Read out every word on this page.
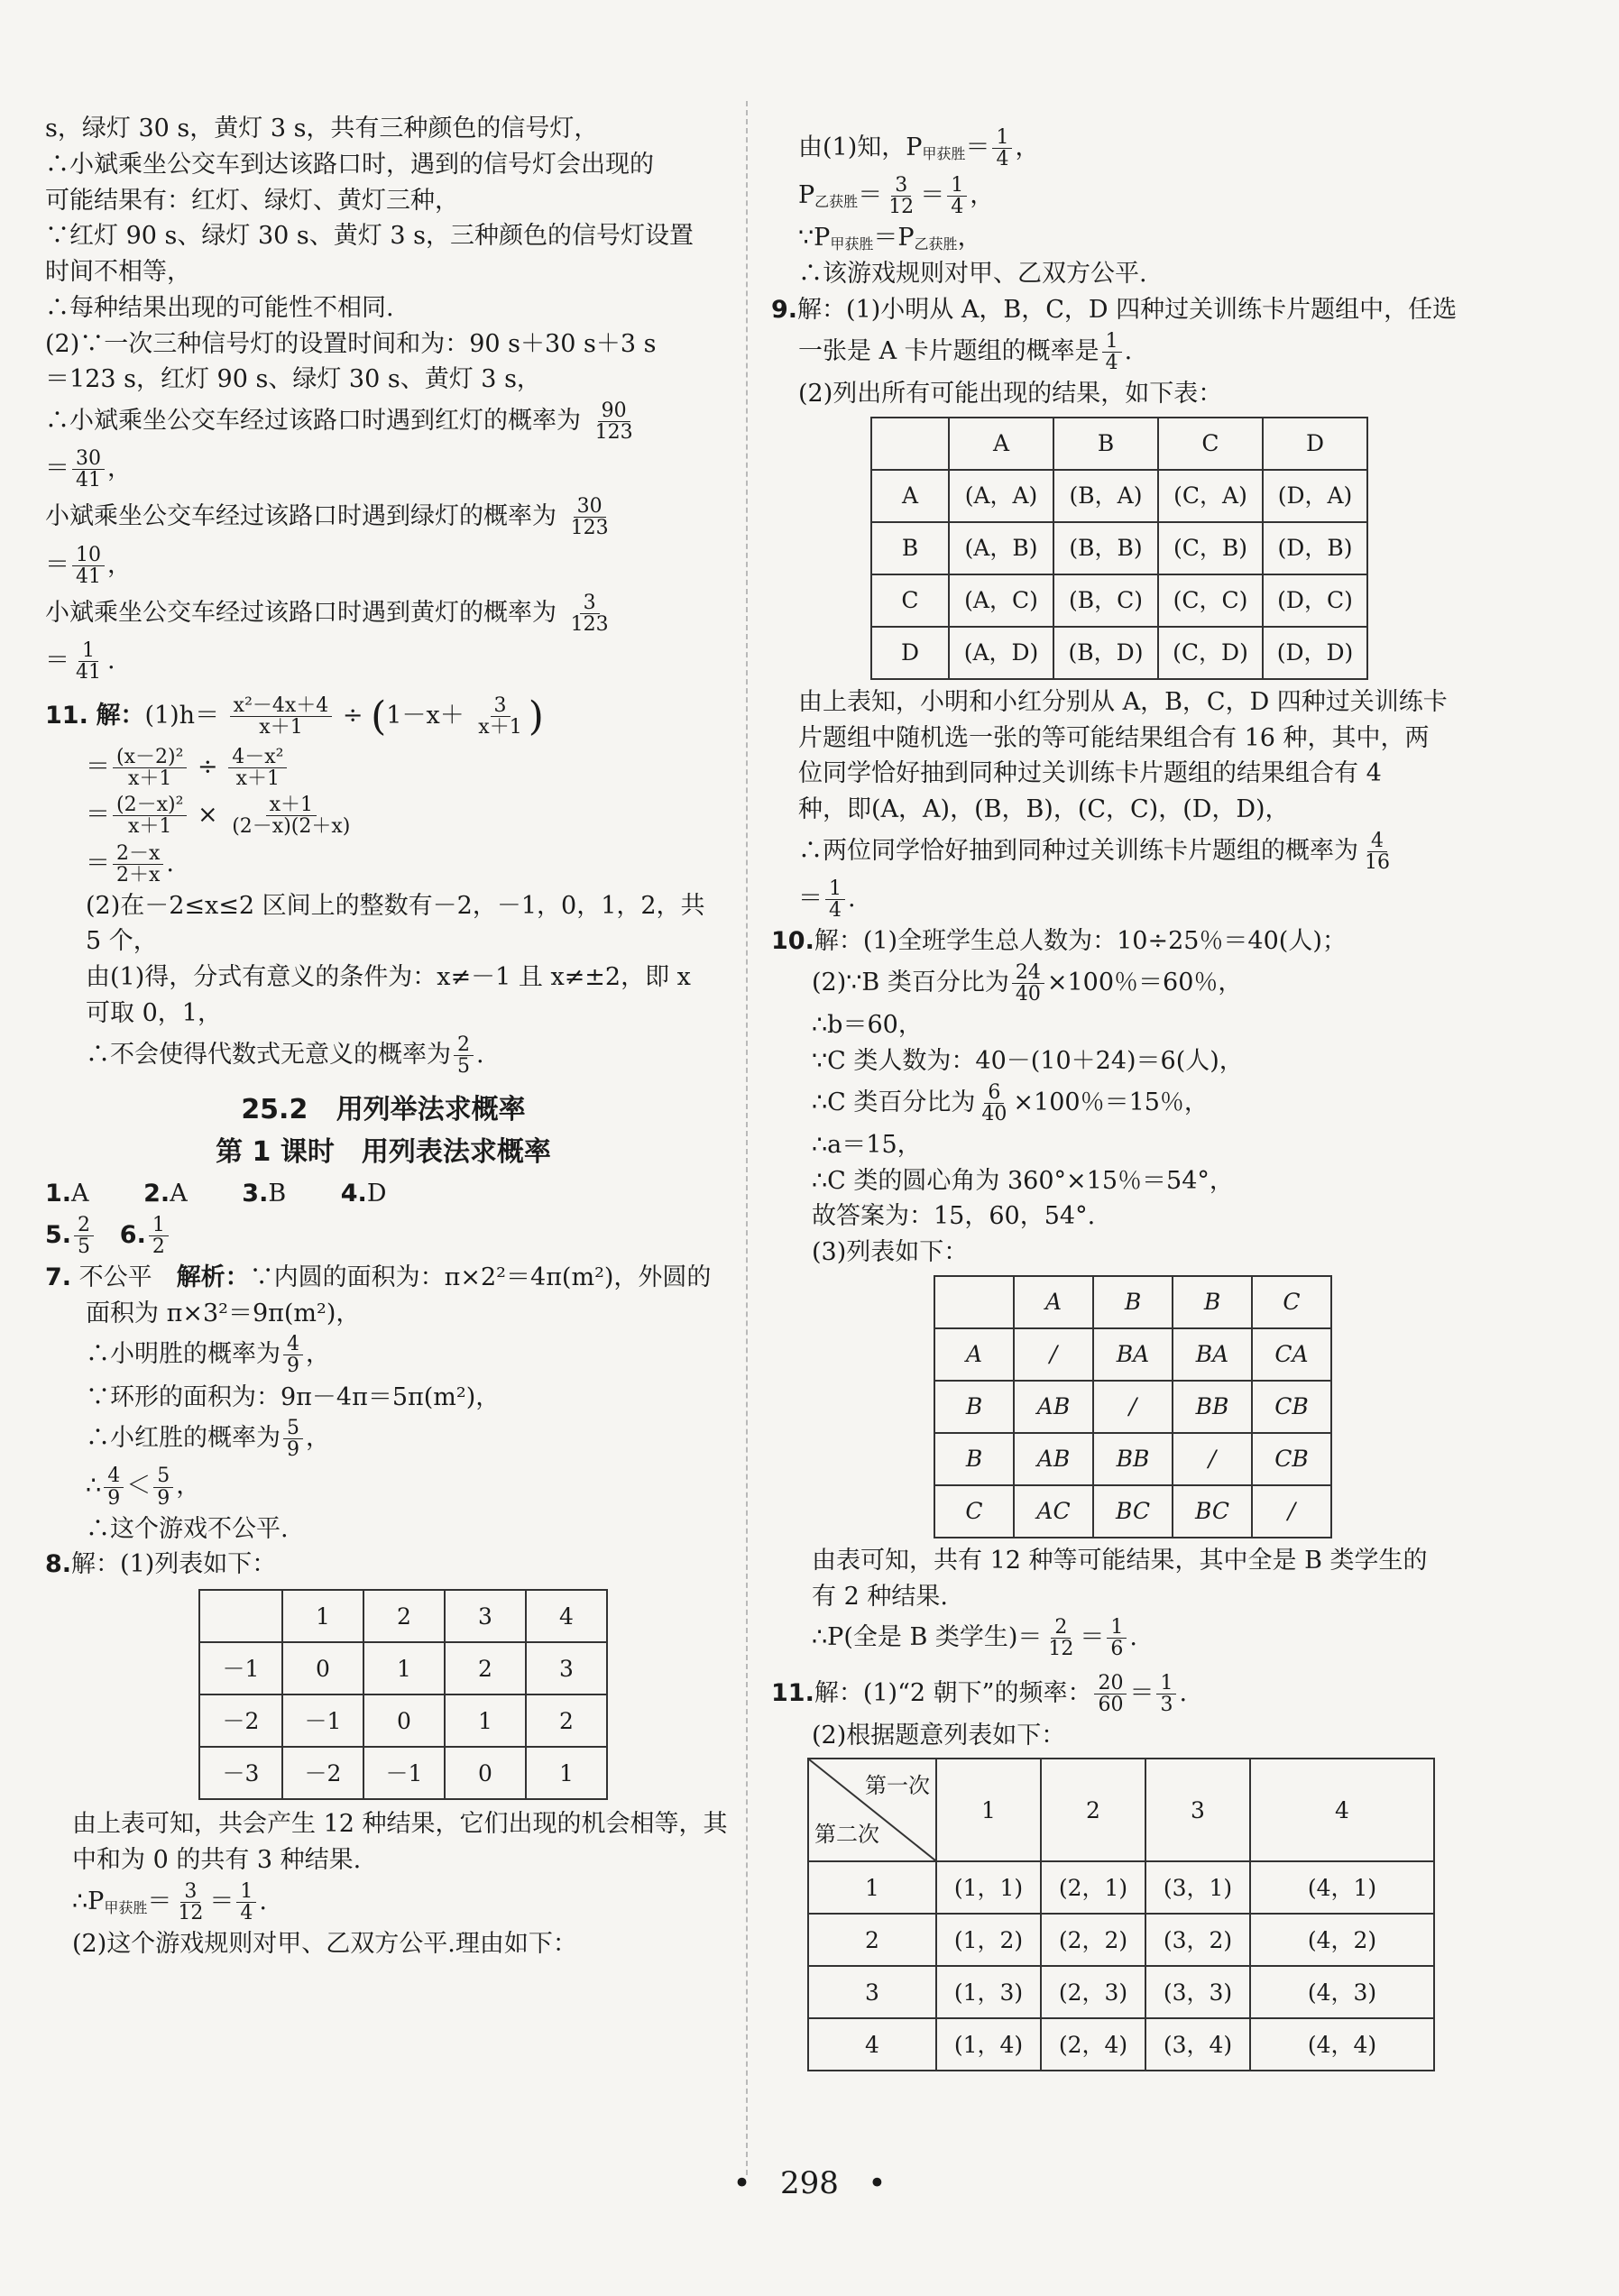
s，绿灯 30 s，黄灯 3 s，共有三种颜色的信号灯，
∴小斌乘坐公交车到达该路口时，遇到的信号灯会出现的
可能结果有：红灯、绿灯、黄灯三种，
∵红灯 90 s、绿灯 30 s、黄灯 3 s，三种颜色的信号灯设置
时间不相等，
∴每种结果出现的可能性不相同.
(2)∵一次三种信号灯的设置时间和为：90 s＋30 s＋3 s
＝123 s，红灯 90 s、绿灯 30 s、黄灯 3 s，
∴小斌乘坐公交车经过该路口时遇到红灯的概率为 $\frac{90}{123}$
＝ $\frac{30}{41}$ ，
小斌乘坐公交车经过该路口时遇到绿灯的概率为 $\frac{30}{123}$
＝ $\frac{10}{41}$ ，
小斌乘坐公交车经过该路口时遇到黄灯的概率为 $\frac{3}{123}$
＝ $\frac{1}{41}$ .
11. 解：$(1)h= \frac{\text{x²－4x＋4}}{x+1} \div (1-x+ \frac{3}{x+1}$ )
＝ $\frac{\text{(x－2)²}}{x+1} \div \frac{\text{4－x²}}{x+1}$
＝ $\frac{\text{(2－x)²}}{x+1} \times \frac{x+1}{(2-x)(2+x)}$
＝ $\frac{2-x}{2+x}$ .
(2)在－2≤x≤2 区间上的整数有－2，－1，0，1，2，共
5 个，
由(1)得，分式有意义的条件为：x≠－1 且 x≠±2，即 x
可取 0，1，
∴不会使得代数式无意义的概率为 $\frac{2}{5}$ .
25.2 用列举法求概率
第 1 课时　用列表法求概率
1.A 2.A 3.B 4.D
5. $\frac{2}{5} 6$. $\frac{1}{2}$
7. 不公平　解析：∵内圆的面积为：π×2²＝4π(m²)，外圆的
面积为 π×3²＝9π(m²)，
∴小明胜的概率为 $\frac{4}{9}$ ，
∵环形的面积为：9π－4π＝5π(m²)，
∴小红胜的概率为 $\frac{5}{9}$ ，
∴ $\frac{4}{9} < \frac{5}{9}$ ，
∴这个游戏不公平.
8.解：(1)列表如下：
	1	2	3	4
－1	0	1	2	3
－2	－1	0	1	2
－3	－2	－1	0	1
由上表可知，共会产生 12 种结果，它们出现的机会相等，其
中和为 0 的共有 3 种结果.
$\therefore P_{甲获胜}= \frac{3}{12} = \frac{1}{4}$ .
(2)这个游戏规则对甲、乙双方公平.理由如下：
由(1)知，$P_{甲获胜}= \frac{1}{4}$ ，
$P_{乙获胜}= \frac{3}{12} = \frac{1}{4}$ ，
$\because P_{甲获胜}=P_{乙获胜}$，
∴该游戏规则对甲、乙双方公平.
9.解：(1)小明从 A，B，C，D 四种过关训练卡片题组中，任选
一张是 A 卡片题组的概率是 $\frac{1}{4}$ .
(2)列出所有可能出现的结果，如下表：
	A	B	C	D
A	(A，A)	(B，A)	(C，A)	(D，A)
B	(A，B)	(B，B)	(C，B)	(D，B)
C	(A，C)	(B，C)	(C，C)	(D，C)
D	(A，D)	(B，D)	(C，D)	(D，D)
由上表知，小明和小红分别从 A，B，C，D 四种过关训练卡
片题组中随机选一张的等可能结果组合有 16 种，其中，两
位同学恰好抽到同种过关训练卡片题组的结果组合有 4
种，即(A，A)，(B，B)，(C，C)，(D，D)，
∴两位同学恰好抽到同种过关训练卡片题组的概率为 $\frac{4}{16}$
＝ $\frac{1}{4}$ .
10.解：(1)全班学生总人数为：10÷25％＝40(人)；
(2)∵B 类百分比为 $\frac{24}{40} \times 100$％＝60％，
∴b＝60，
∵C 类人数为：40－(10＋24)＝6(人)，
∴C 类百分比为 $\frac{6}{40} \times 100$％＝15％，
∴a＝15，
∴C 类的圆心角为 360°×15％＝54°，
故答案为：15，60，54°.
(3)列表如下：
	A	B	B	C
A	/	BA	BA	CA
B	AB	/	BB	CB
B	AB	BB	/	CB
C	AC	BC	BC	/
由表可知，共有 12 种等可能结果，其中全是 B 类学生的
有 2 种结果.
∴P(全是 B 类学生)＝ $\frac{2}{12} = \frac{1}{6}$ .
11.解：(1)“2 朝下”的频率： $\frac{20}{60} = \frac{1}{3}$ .
(2)根据题意列表如下：
第一次
第二次	1	2	3	4
1	(1，1)	(2，1)	(3，1)	(4，1)
2	(1，2)	(2，2)	(3，2)	(4，2)
3	(1，3)	(2，3)	(3，3)	(4，3)
4	(1，4)	(2，4)	(3，4)	(4，4)
• 298 •
